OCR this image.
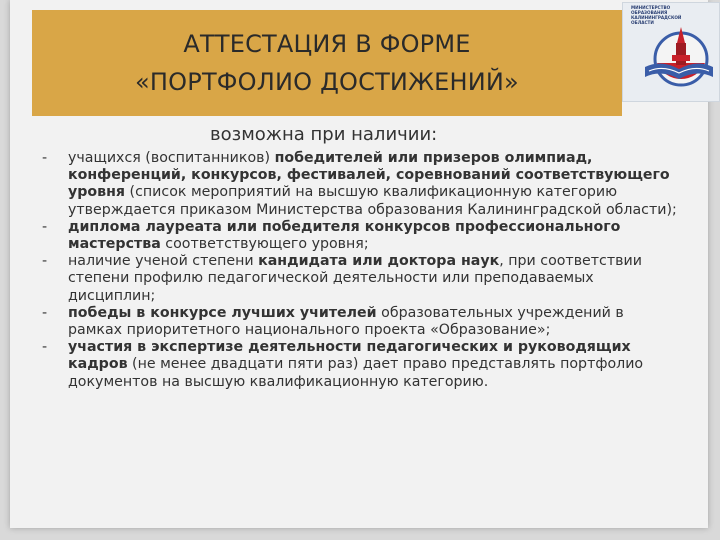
АТТЕСТАЦИЯ В ФОРМЕ
«ПОРТФОЛИО ДОСТИЖЕНИЙ»
МИНИСТЕРСТВО ОБРАЗОВАНИЯ КАЛИНИНГРАДСКОЙ ОБЛАСТИ
возможна при наличии:
- учащихся (воспитанников) победителей или призеров олимпиад, конференций, конкурсов, фестивалей, соревнований соответствующего уровня (список мероприятий на высшую квалификационную категорию утверждается приказом Министерства образования Калининградской области);
- диплома лауреата или победителя конкурсов профессионального мастерства соответствующего уровня;
- наличие ученой степени кандидата или доктора наук, при соответствии степени профилю педагогической деятельности или преподаваемых дисциплин;
- победы в конкурсе лучших учителей образовательных учреждений в рамках приоритетного национального проекта «Образование»;
- участия в экспертизе деятельности педагогических и руководящих кадров (не менее двадцати пяти раз) дает право представлять портфолио документов на высшую квалификационную категорию.
